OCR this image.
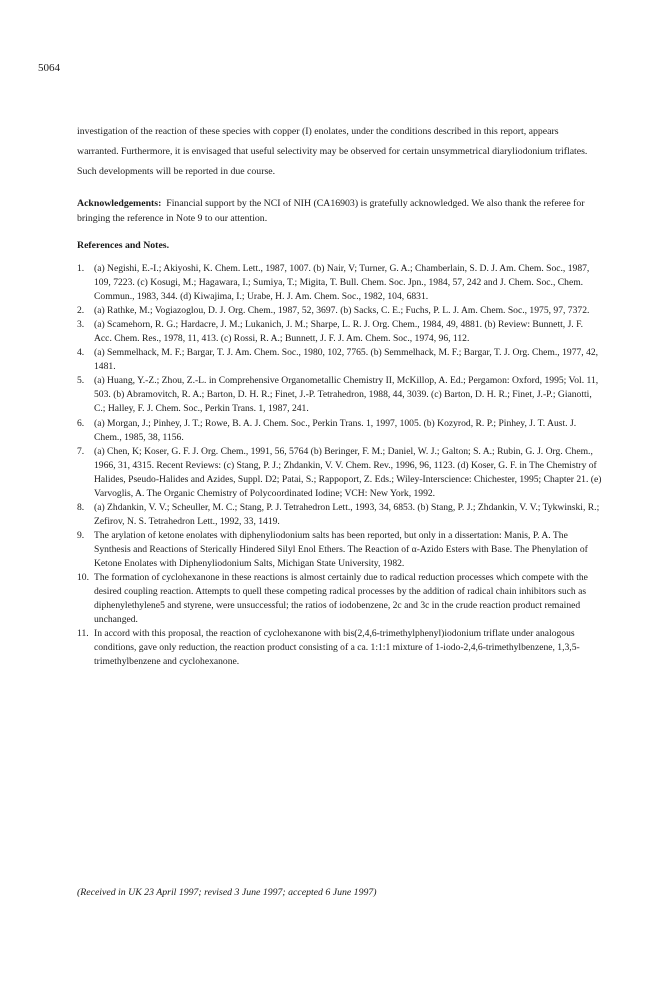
5064
investigation of the reaction of these species with copper (I) enolates, under the conditions described in this report, appears warranted. Furthermore, it is envisaged that useful selectivity may be observed for certain unsymmetrical diaryliodonium triflates. Such developments will be reported in due course.
Acknowledgements: Financial support by the NCI of NIH (CA16903) is gratefully acknowledged. We also thank the referee for bringing the reference in Note 9 to our attention.
References and Notes.
1. (a) Negishi, E.-I.; Akiyoshi, K. Chem. Lett., 1987, 1007. (b) Nair, V; Turner, G. A.; Chamberlain, S. D. J. Am. Chem. Soc., 1987, 109, 7223. (c) Kosugi, M.; Hagawara, I.; Sumiya, T.; Migita, T. Bull. Chem. Soc. Jpn., 1984, 57, 242 and J. Chem. Soc., Chem. Commun., 1983, 344. (d) Kiwajima, I.; Urabe, H. J. Am. Chem. Soc., 1982, 104, 6831.
2. (a) Rathke, M.; Vogiazoglou, D. J. Org. Chem., 1987, 52, 3697. (b) Sacks, C. E.; Fuchs, P. L. J. Am. Chem. Soc., 1975, 97, 7372.
3. (a) Scamehorn, R. G.; Hardacre, J. M.; Lukanich, J. M.; Sharpe, L. R. J. Org. Chem., 1984, 49, 4881. (b) Review: Bunnett, J. F. Acc. Chem. Res., 1978, 11, 413. (c) Rossi, R. A.; Bunnett, J. F. J. Am. Chem. Soc., 1974, 96, 112.
4. (a) Semmelhack, M. F.; Bargar, T. J. Am. Chem. Soc., 1980, 102, 7765. (b) Semmelhack, M. F.; Bargar, T. J. Org. Chem., 1977, 42, 1481.
5. (a) Huang, Y.-Z.; Zhou, Z.-L. in Comprehensive Organometallic Chemistry II, McKillop, A. Ed.; Pergamon: Oxford, 1995; Vol. 11, 503. (b) Abramovitch, R. A.; Barton, D. H. R.; Finet, J.-P. Tetrahedron, 1988, 44, 3039. (c) Barton, D. H. R.; Finet, J.-P.; Gianotti, C.; Halley, F. J. Chem. Soc., Perkin Trans. 1, 1987, 241.
6. (a) Morgan, J.; Pinhey, J. T.; Rowe, B. A. J. Chem. Soc., Perkin Trans. 1, 1997, 1005. (b) Kozyrod, R. P.; Pinhey, J. T. Aust. J. Chem., 1985, 38, 1156.
7. (a) Chen, K; Koser, G. F. J. Org. Chem., 1991, 56, 5764 (b) Beringer, F. M.; Daniel, W. J.; Galton; S. A.; Rubin, G. J. Org. Chem., 1966, 31, 4315. Recent Reviews: (c) Stang, P. J.; Zhdankin, V. V. Chem. Rev., 1996, 96, 1123. (d) Koser, G. F. in The Chemistry of Halides, Pseudo-Halides and Azides, Suppl. D2; Patai, S.; Rappoport, Z. Eds.; Wiley-Interscience: Chichester, 1995; Chapter 21. (e) Varvoglis, A. The Organic Chemistry of Polycoordinated Iodine; VCH: New York, 1992.
8. (a) Zhdankin, V. V.; Scheuller, M. C.; Stang, P. J. Tetrahedron Lett., 1993, 34, 6853. (b) Stang, P. J.; Zhdankin, V. V.; Tykwinski, R.; Zefirov, N. S. Tetrahedron Lett., 1992, 33, 1419.
9. The arylation of ketone enolates with diphenyliodonium salts has been reported, but only in a dissertation: Manis, P. A. The Synthesis and Reactions of Sterically Hindered Silyl Enol Ethers. The Reaction of α-Azido Esters with Base. The Phenylation of Ketone Enolates with Diphenyliodonium Salts, Michigan State University, 1982.
10. The formation of cyclohexanone in these reactions is almost certainly due to radical reduction processes which compete with the desired coupling reaction. Attempts to quell these competing radical processes by the addition of radical chain inhibitors such as diphenylethylene5 and styrene, were unsuccessful; the ratios of iodobenzene, 2c and 3c in the crude reaction product remained unchanged.
11. In accord with this proposal, the reaction of cyclohexanone with bis(2,4,6-trimethylphenyl)iodonium triflate under analogous conditions, gave only reduction, the reaction product consisting of a ca. 1:1:1 mixture of 1-iodo-2,4,6-trimethylbenzene, 1,3,5-trimethylbenzene and cyclohexanone.
(Received in UK 23 April 1997; revised 3 June 1997; accepted 6 June 1997)
